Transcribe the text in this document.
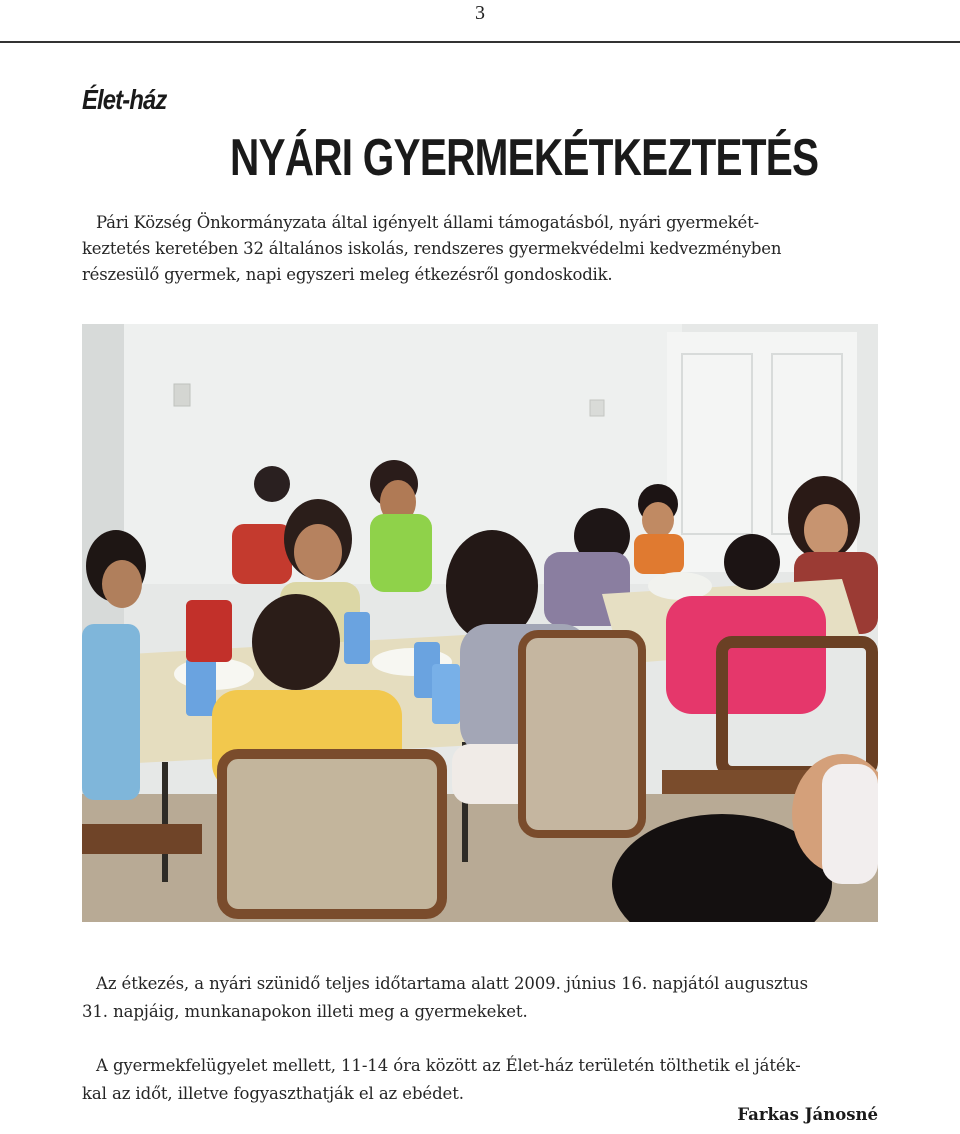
3
Élet-ház
NYÁRI GYERMEKÉTKEZTETÉS
Pári Község Önkormányzata által igényelt állami támogatásból, nyári gyermekét-
keztetés keretében 32 általános iskolás, rendszeres gyermekvédelmi kedvezményben
részesülő gyermek, napi egyszeri meleg étkezésről gondoskodik.
Az étkezés, a nyári szünidő teljes időtartama alatt 2009. június 16. napjától augusztus
31. napjáig, munkanapokon illeti meg a gyermekeket.
A gyermekfelügyelet mellett, 11-14 óra között az Élet-ház területén tölthetik el játék-
kal az időt, illetve fogyaszthatják el az ebédet.
Farkas Jánosné
